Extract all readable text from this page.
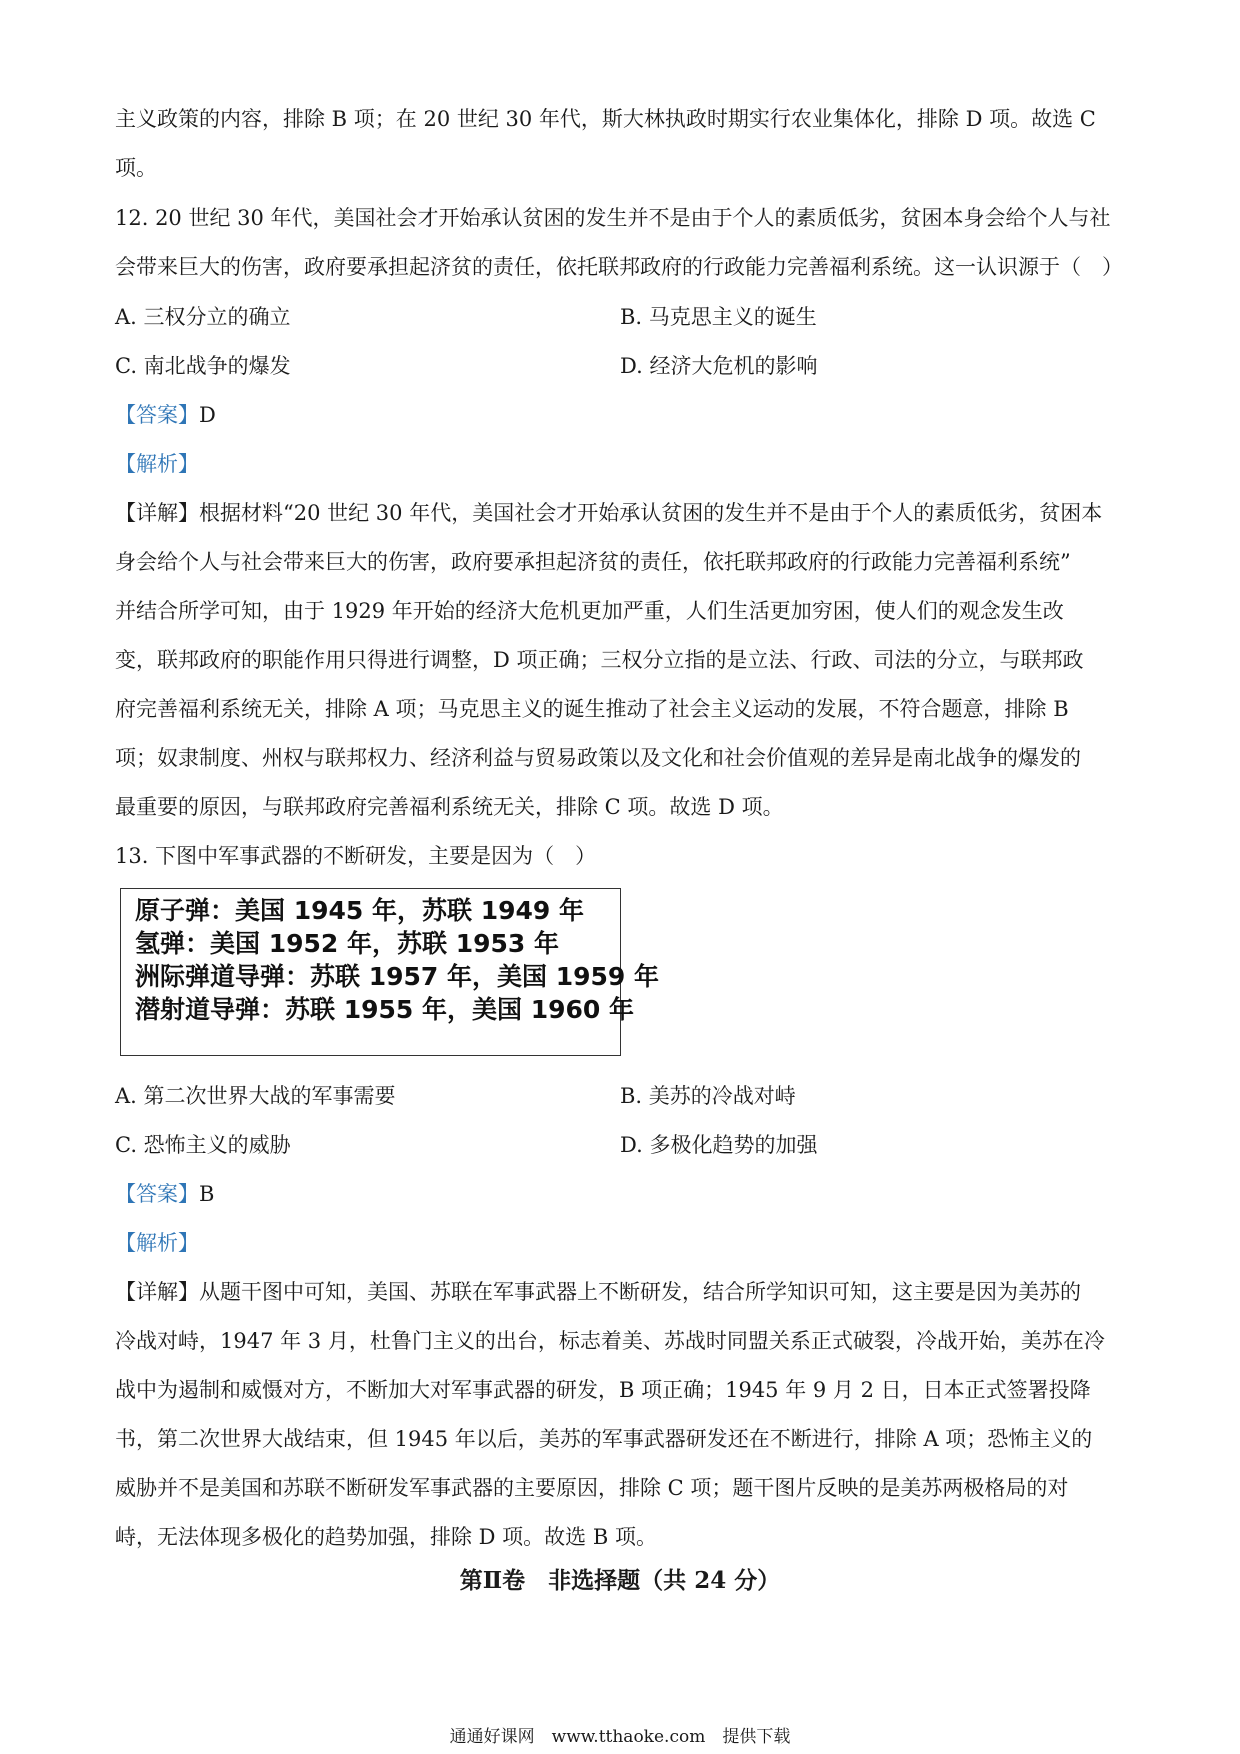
主义政策的内容，排除 B 项；在 20 世纪 30 年代，斯大林执政时期实行农业集体化，排除 D 项。故选 C
项。
12. 20 世纪 30 年代，美国社会才开始承认贫困的发生并不是由于个人的素质低劣，贫困本身会给个人与社
会带来巨大的伤害，政府要承担起济贫的责任，依托联邦政府的行政能力完善福利系统。这一认识源于（　）
A. 三权分立的确立	B. 马克思主义的诞生
C. 南北战争的爆发	D. 经济大危机的影响
【答案】D
【解析】
【详解】根据材料“20 世纪 30 年代，美国社会才开始承认贫困的发生并不是由于个人的素质低劣，贫困本
身会给个人与社会带来巨大的伤害，政府要承担起济贫的责任，依托联邦政府的行政能力完善福利系统”
并结合所学可知，由于 1929 年开始的经济大危机更加严重，人们生活更加穷困，使人们的观念发生改
变，联邦政府的职能作用只得进行调整，D 项正确；三权分立指的是立法、行政、司法的分立，与联邦政
府完善福利系统无关，排除 A 项；马克思主义的诞生推动了社会主义运动的发展，不符合题意，排除 B
项；奴隶制度、州权与联邦权力、经济利益与贸易政策以及文化和社会价值观的差异是南北战争的爆发的
最重要的原因，与联邦政府完善福利系统无关，排除 C 项。故选 D 项。
13. 下图中军事武器的不断研发，主要是因为（　）
原子弹：美国 1945 年，苏联 1949 年
氢弹：美国 1952 年，苏联 1953 年
洲际弹道导弹：苏联 1957 年，美国 1959 年
潜射道导弹：苏联 1955 年，美国 1960 年
A. 第二次世界大战的军事需要	B. 美苏的冷战对峙
C. 恐怖主义的威胁	D. 多极化趋势的加强
【答案】B
【解析】
【详解】从题干图中可知，美国、苏联在军事武器上不断研发，结合所学知识可知，这主要是因为美苏的
冷战对峙，1947 年 3 月，杜鲁门主义的出台，标志着美、苏战时同盟关系正式破裂，冷战开始，美苏在冷
战中为遏制和威慑对方，不断加大对军事武器的研发，B 项正确；1945 年 9 月 2 日，日本正式签署投降
书，第二次世界大战结束，但 1945 年以后，美苏的军事武器研发还在不断进行，排除 A 项；恐怖主义的
威胁并不是美国和苏联不断研发军事武器的主要原因，排除 C 项；题干图片反映的是美苏两极格局的对
峙，无法体现多极化的趋势加强，排除 D 项。故选 B 项。
第Ⅱ卷　非选择题（共 24 分）
通通好课网　www.tthaoke.com　提供下载
